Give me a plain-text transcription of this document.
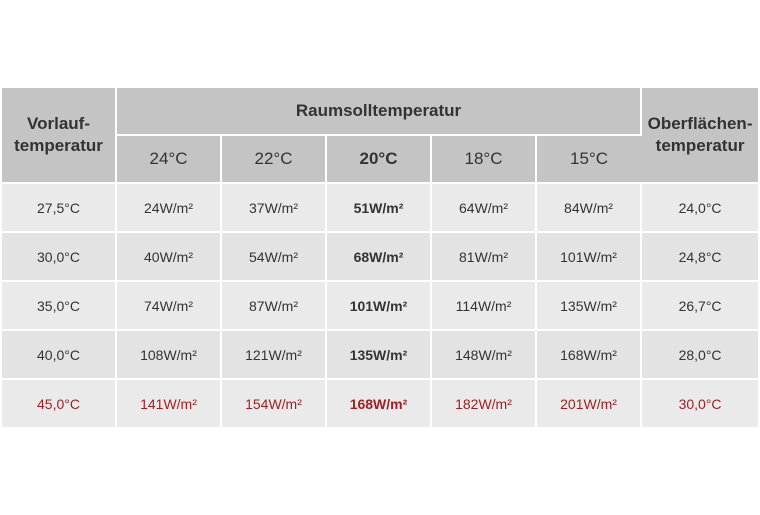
Vorlauf-
temperatur	Raumsolltemperatur					Oberflächen-
temperatur
	24°C	22°C	20°C	18°C	15°C	
27,5°C	24W/m²	37W/m²	51W/m²	64W/m²	84W/m²	24,0°C
30,0°C	40W/m²	54W/m²	68W/m²	81W/m²	101W/m²	24,8°C
35,0°C	74W/m²	87W/m²	101W/m²	114W/m²	135W/m²	26,7°C
40,0°C	108W/m²	121W/m²	135W/m²	148W/m²	168W/m²	28,0°C
45,0°C	141W/m²	154W/m²	168W/m²	182W/m²	201W/m²	30,0°C
